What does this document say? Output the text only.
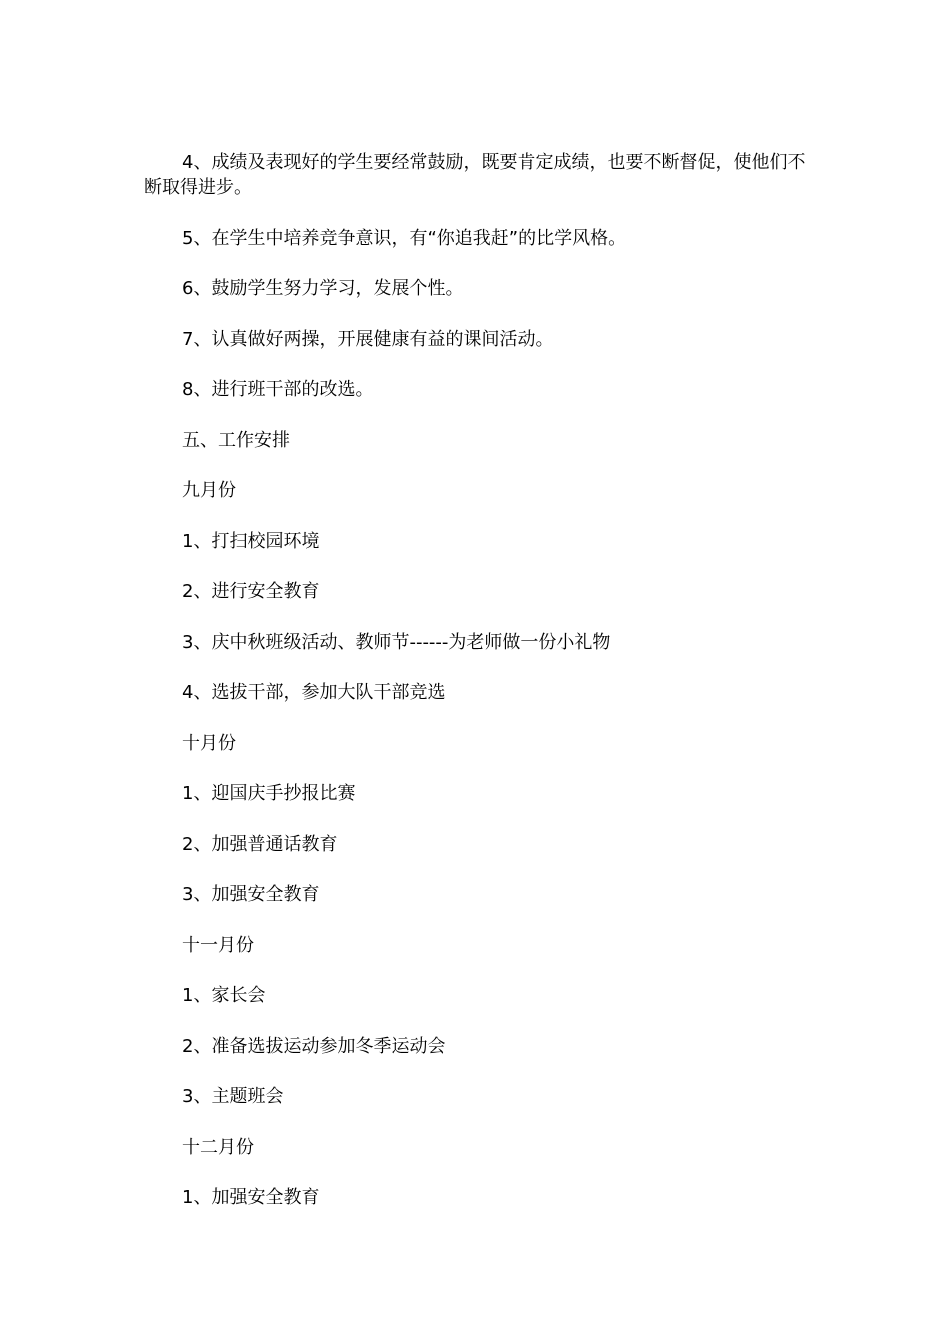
4、成绩及表现好的学生要经常鼓励，既要肯定成绩，也要不断督促，使他们不断取得进步。

5、在学生中培养竞争意识，有“你追我赶”的比学风格。

6、鼓励学生努力学习，发展个性。

7、认真做好两操，开展健康有益的课间活动。

8、进行班干部的改选。

五、工作安排

九月份

1、打扫校园环境

2、进行安全教育

3、庆中秋班级活动、教师节------为老师做一份小礼物

4、选拔干部，参加大队干部竞选

十月份

1、迎国庆手抄报比赛

2、加强普通话教育

3、加强安全教育

十一月份

1、家长会

2、准备选拔运动参加冬季运动会

3、主题班会

十二月份

1、加强安全教育
